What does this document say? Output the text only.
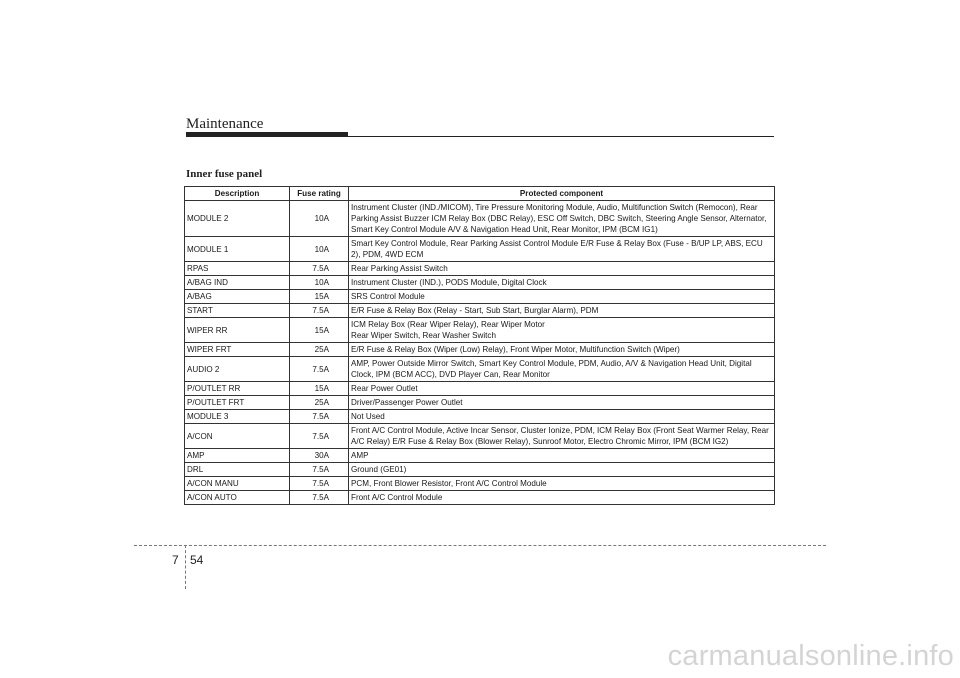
Maintenance
Inner fuse panel
Description	Fuse rating	Protected component
MODULE 2	10A	Instrument Cluster (IND./MICOM), Tire Pressure Monitoring Module, Audio, Multifunction Switch (Remocon), Rear Parking Assist Buzzer ICM Relay Box (DBC Relay), ESC Off Switch, DBC Switch, Steering Angle Sensor, Alternator, Smart Key Control Module A/V & Navigation Head Unit, Rear Monitor, IPM (BCM IG1)
MODULE 1	10A	Smart Key Control Module, Rear Parking Assist Control Module E/R Fuse & Relay Box (Fuse - B/UP LP, ABS, ECU 2), PDM, 4WD ECM
RPAS	7.5A	Rear Parking Assist Switch
A/BAG IND	10A	Instrument Cluster (IND.), PODS Module, Digital Clock
A/BAG	15A	SRS Control Module
START	7.5A	E/R Fuse & Relay Box (Relay - Start, Sub Start, Burglar Alarm), PDM
WIPER RR	15A	ICM Relay Box (Rear Wiper Relay), Rear Wiper Motor
Rear Wiper Switch, Rear Washer Switch
WIPER FRT	25A	E/R Fuse & Relay Box (Wiper (Low) Relay), Front Wiper Motor, Multifunction Switch (Wiper)
AUDIO 2	7.5A	AMP, Power Outside Mirror Switch, Smart Key Control Module, PDM, Audio, A/V & Navigation Head Unit, Digital Clock, IPM (BCM ACC), DVD Player Can, Rear Monitor
P/OUTLET RR	15A	Rear Power Outlet
P/OUTLET FRT	25A	Driver/Passenger Power Outlet
MODULE 3	7.5A	Not Used
A/CON	7.5A	Front A/C Control Module, Active Incar Sensor, Cluster Ionize, PDM, ICM Relay Box (Front Seat Warmer Relay, Rear A/C Relay) E/R Fuse & Relay Box (Blower Relay), Sunroof Motor, Electro Chromic Mirror, IPM (BCM IG2)
AMP	30A	AMP
DRL	7.5A	Ground (GE01)
A/CON MANU	7.5A	PCM, Front Blower Resistor, Front A/C Control Module
A/CON AUTO	7.5A	Front A/C Control Module
7 54
carmanualsonline.info
